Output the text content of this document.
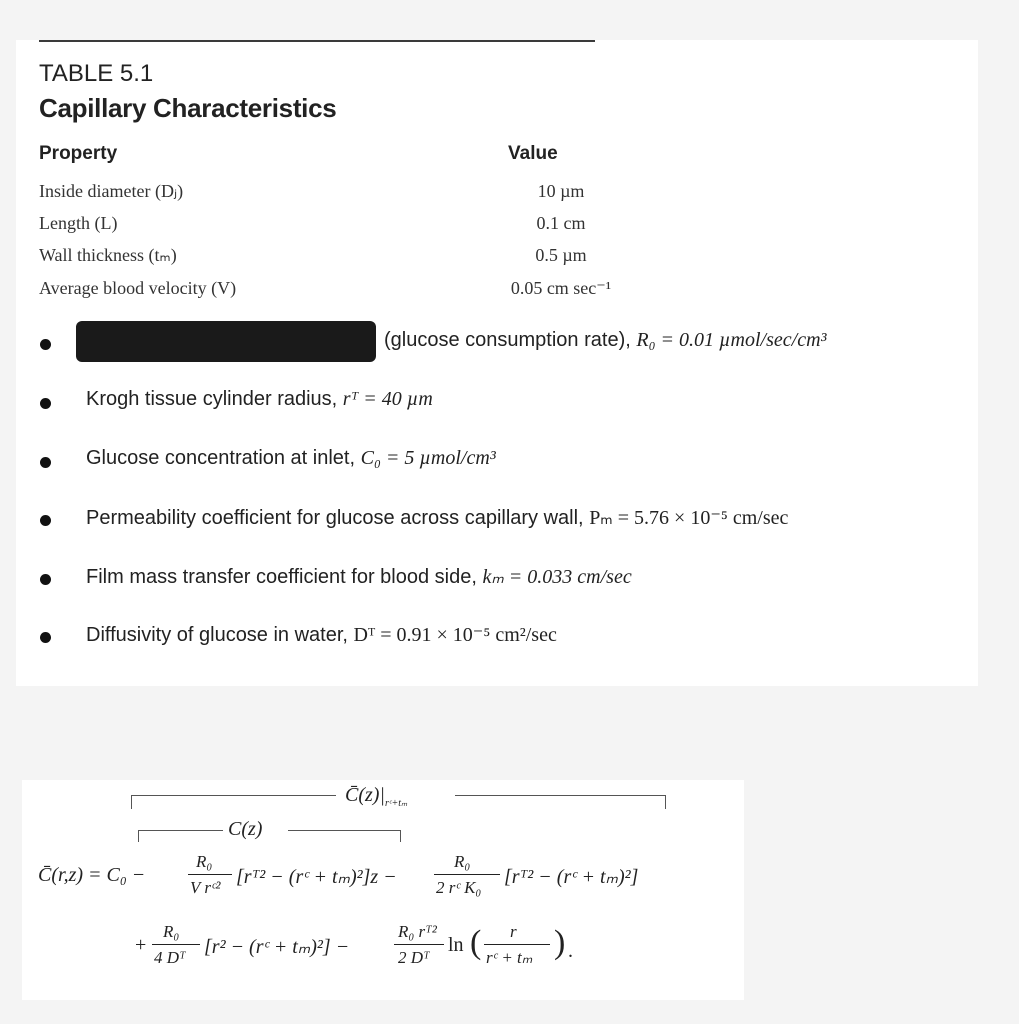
TABLE 5.1
Capillary Characteristics
Property	Value
Inside diameter (Dⱼ)	10 µm
Length (L)	0.1 cm
Wall thickness (tₘ)	0.5 µm
Average blood velocity (V)	0.05 cm sec⁻¹
(glucose consumption rate), R₀ = 0.01 µmol/sec/cm³
Krogh tissue cylinder radius, rᵀ = 40 µm
Glucose concentration at inlet, C₀ = 5 µmol/cm³
Permeability coefficient for glucose across capillary wall, Pₘ = 5.76 × 10⁻⁵ cm/sec
Film mass transfer coefficient for blood side, kₘ = 0.033 cm/sec
Diffusivity of glucose in water, Dᵀ = 0.91 × 10⁻⁵ cm²/sec
$C̄(z)|_{rᶜ+t_m}$
C(z)
C̄(r,z) = C₀ −
R₀
V rᶜ² [rᵀ² − (rᶜ + tₘ)²]z −
R₀
2 rᶜ K₀ [rᵀ² − (rᶜ + tₘ)²]
+
R₀
4 Dᵀ [r² − (rᶜ + tₘ)²] −
R₀ rᵀ²
2 Dᵀ
ln ( r
rᶜ + tₘ ) .
